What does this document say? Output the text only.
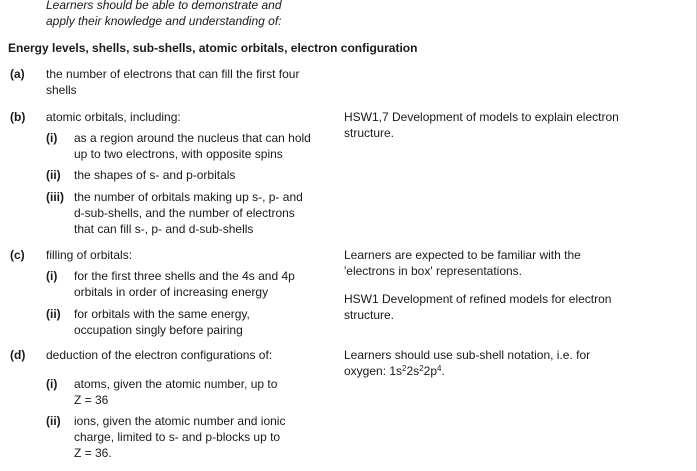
Learners should be able to demonstrate and
apply their knowledge and understanding of:
Energy levels, shells, sub-shells, atomic orbitals, electron configuration
(a) the number of electrons that can fill the first four
shells
(b) atomic orbitals, including:
(i) as a region around the nucleus that can hold
up to two electrons, with opposite spins
(ii) the shapes of s- and p-orbitals
(iii) the number of orbitals making up s-, p- and
d-sub-shells, and the number of electrons
that can fill s-, p- and d-sub-shells
HSW1,7 Development of models to explain electron
structure.
(c) filling of orbitals:
(i) for the first three shells and the 4s and 4p
orbitals in order of increasing energy
(ii) for orbitals with the same energy,
occupation singly before pairing
Learners are expected to be familiar with the
'electrons in box' representations.
HSW1 Development of refined models for electron
structure.
(d) deduction of the electron configurations of:
(i) atoms, given the atomic number, up to
Z = 36
(ii) ions, given the atomic number and ionic
charge, limited to s- and p-blocks up to
Z = 36.
Learners should use sub-shell notation, i.e. for
oxygen: $1s^22s^22p^4$.
